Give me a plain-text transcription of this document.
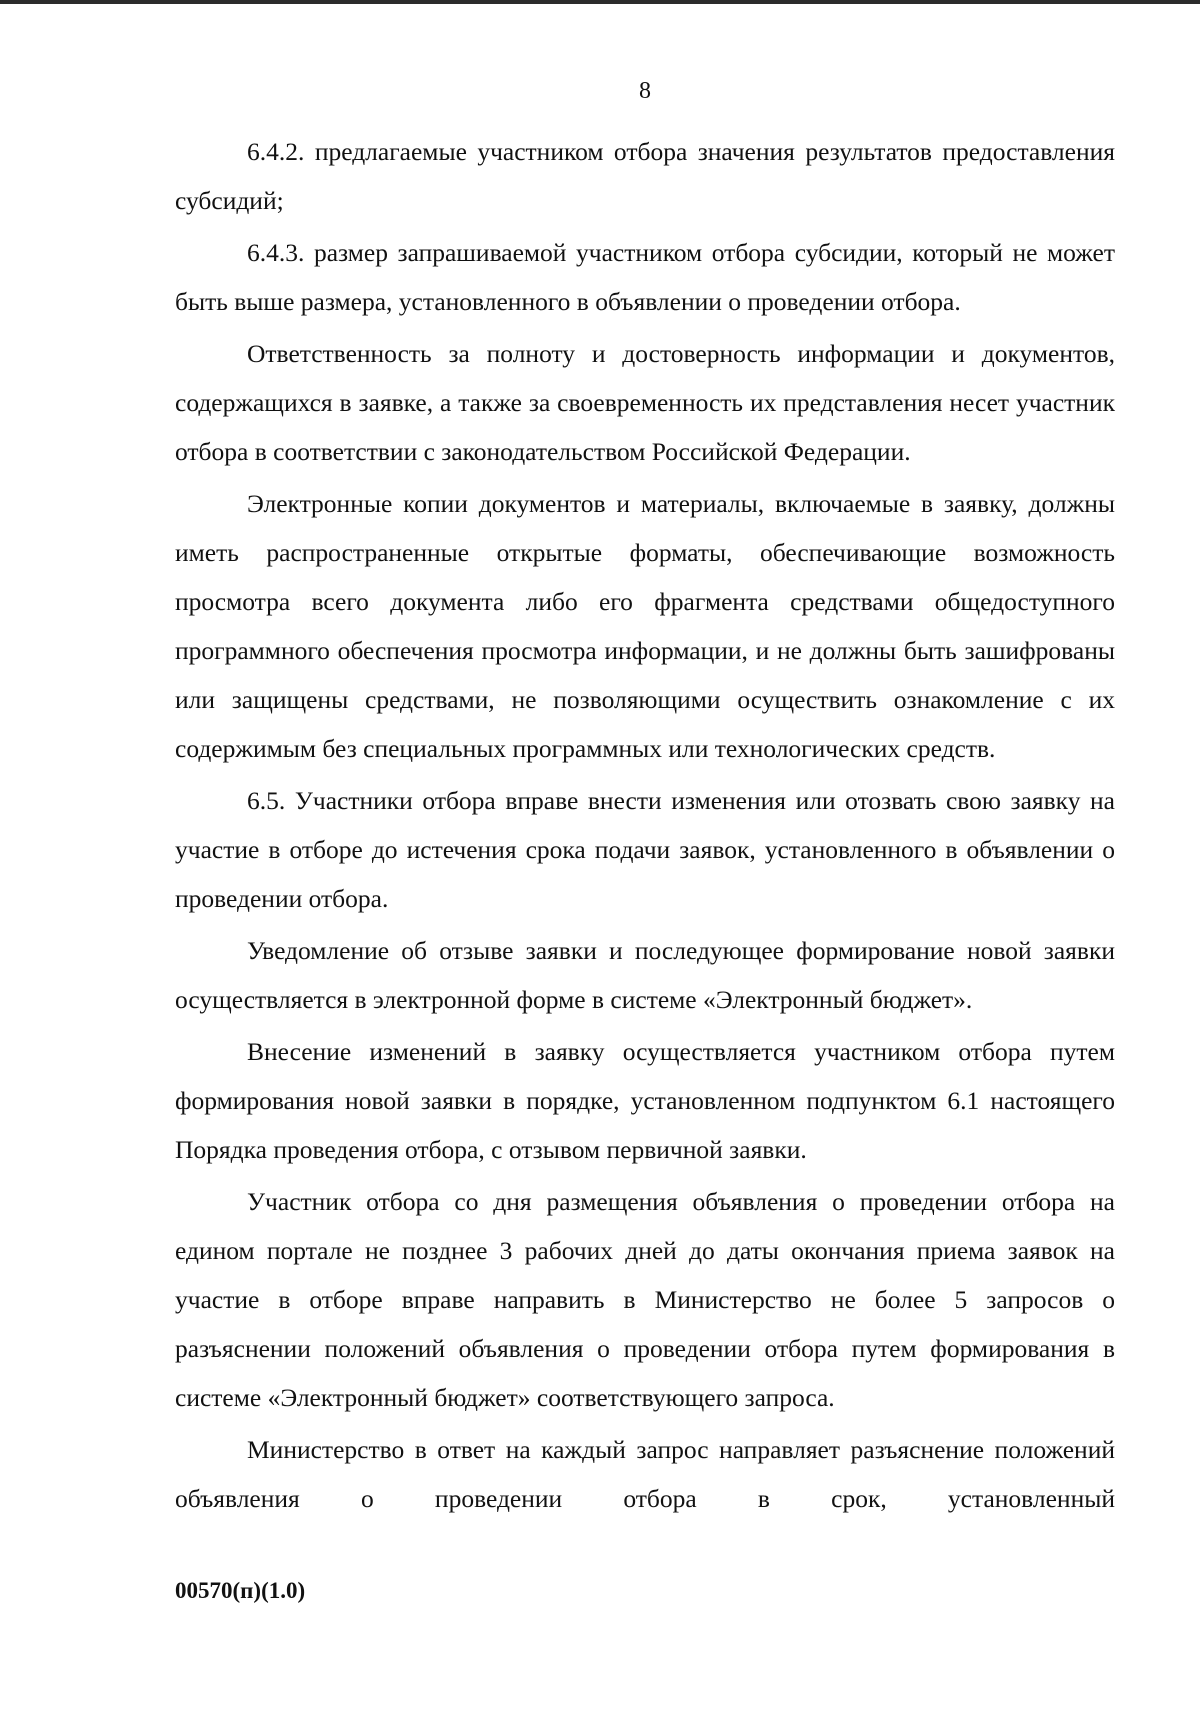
8

6.4.2. предлагаемые участником отбора значения результатов предоставления субсидий;

6.4.3. размер запрашиваемой участником отбора субсидии, который не может быть выше размера, установленного в объявлении о проведении отбора.

Ответственность за полноту и достоверность информации и документов, содержащихся в заявке, а также за своевременность их представления несет участник отбора в соответствии с законодательством Российской Федерации.

Электронные копии документов и материалы, включаемые в заявку, должны иметь распространенные открытые форматы, обеспечивающие возможность просмотра всего документа либо его фрагмента средствами общедоступного программного обеспечения просмотра информации, и не должны быть зашифрованы или защищены средствами, не позволяющими осуществить ознакомление с их содержимым без специальных программных или технологических средств.

6.5. Участники отбора вправе внести изменения или отозвать свою заявку на участие в отборе до истечения срока подачи заявок, установленного в объявлении о проведении отбора.

Уведомление об отзыве заявки и последующее формирование новой заявки осуществляется в электронной форме в системе «Электронный бюджет».

Внесение изменений в заявку осуществляется участником отбора путем формирования новой заявки в порядке, установленном подпунктом 6.1 настоящего Порядка проведения отбора, с отзывом первичной заявки.

Участник отбора со дня размещения объявления о проведении отбора на едином портале не позднее 3 рабочих дней до даты окончания приема заявок на участие в отборе вправе направить в Министерство не более 5 запросов о разъяснении положений объявления о проведении отбора путем формирования в системе «Электронный бюджет» соответствующего запроса.

Министерство в ответ на каждый запрос направляет разъяснение положений объявления о проведении отбора в срок, установленный

00570(п)(1.0)
